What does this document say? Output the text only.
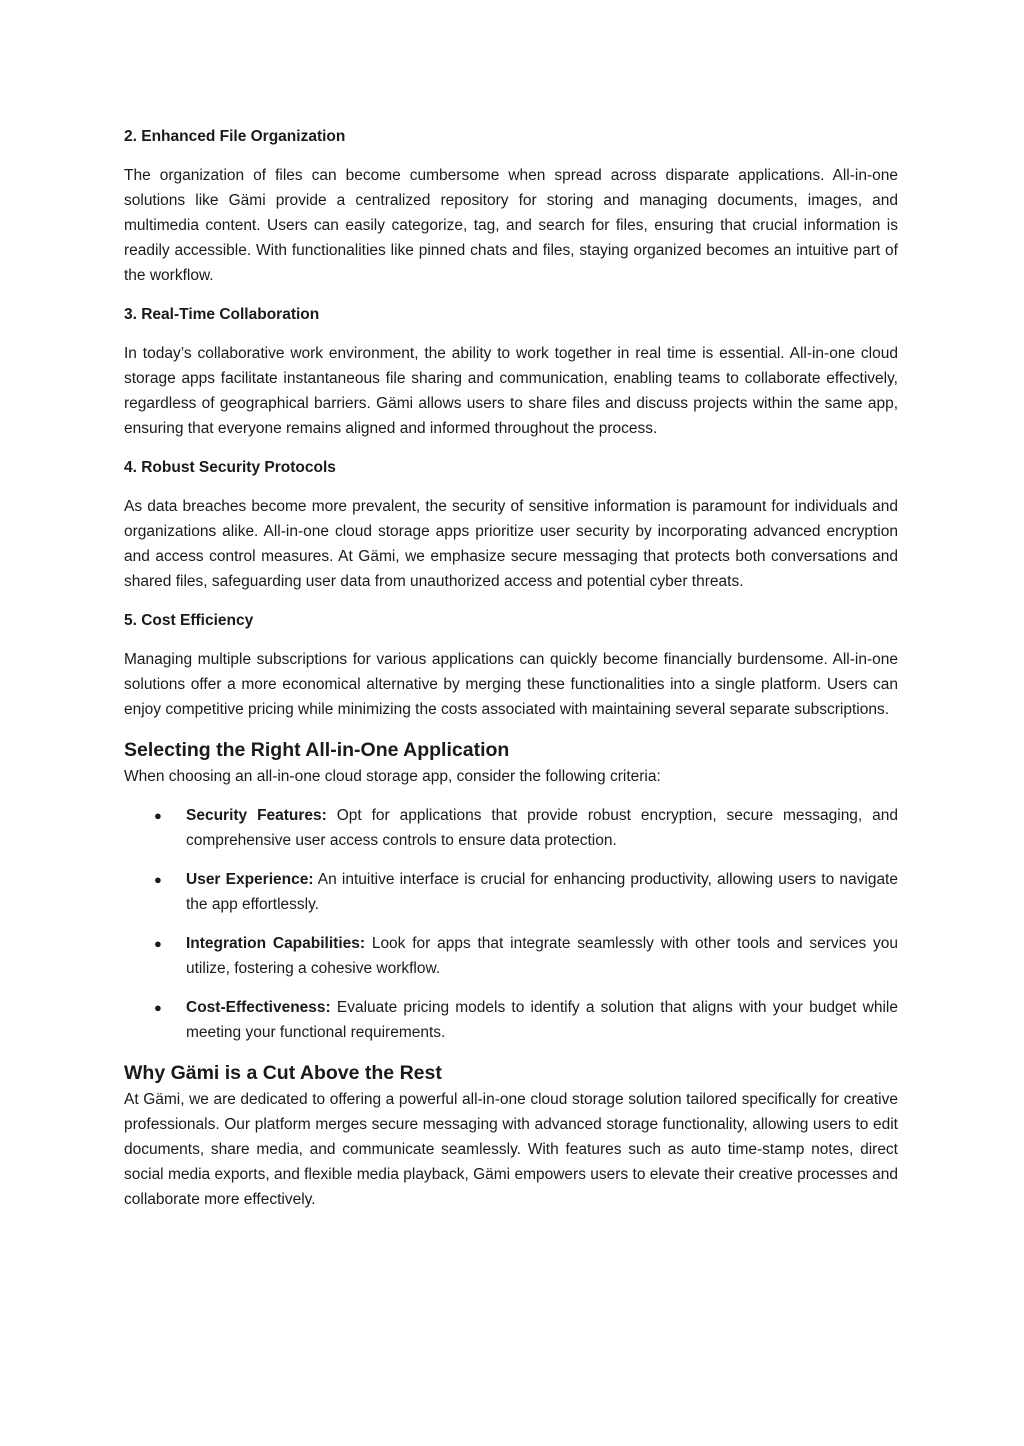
2. Enhanced File Organization

The organization of files can become cumbersome when spread across disparate applications. All-in-one solutions like Gämi provide a centralized repository for storing and managing documents, images, and multimedia content. Users can easily categorize, tag, and search for files, ensuring that crucial information is readily accessible. With functionalities like pinned chats and files, staying organized becomes an intuitive part of the workflow.

3. Real-Time Collaboration

In today’s collaborative work environment, the ability to work together in real time is essential. All-in-one cloud storage apps facilitate instantaneous file sharing and communication, enabling teams to collaborate effectively, regardless of geographical barriers. Gämi allows users to share files and discuss projects within the same app, ensuring that everyone remains aligned and informed throughout the process.

4. Robust Security Protocols

As data breaches become more prevalent, the security of sensitive information is paramount for individuals and organizations alike. All-in-one cloud storage apps prioritize user security by incorporating advanced encryption and access control measures. At Gämi, we emphasize secure messaging that protects both conversations and shared files, safeguarding user data from unauthorized access and potential cyber threats.

5. Cost Efficiency

Managing multiple subscriptions for various applications can quickly become financially burdensome. All-in-one solutions offer a more economical alternative by merging these functionalities into a single platform. Users can enjoy competitive pricing while minimizing the costs associated with maintaining several separate subscriptions.

Selecting the Right All-in-One Application

When choosing an all-in-one cloud storage app, consider the following criteria:

● Security Features: Opt for applications that provide robust encryption, secure messaging, and comprehensive user access controls to ensure data protection.
● User Experience: An intuitive interface is crucial for enhancing productivity, allowing users to navigate the app effortlessly.
● Integration Capabilities: Look for apps that integrate seamlessly with other tools and services you utilize, fostering a cohesive workflow.
● Cost-Effectiveness: Evaluate pricing models to identify a solution that aligns with your budget while meeting your functional requirements.
Why Gämi is a Cut Above the Rest

At Gämi, we are dedicated to offering a powerful all-in-one cloud storage solution tailored specifically for creative professionals. Our platform merges secure messaging with advanced storage functionality, allowing users to edit documents, share media, and communicate seamlessly. With features such as auto time-stamp notes, direct social media exports, and flexible media playback, Gämi empowers users to elevate their creative processes and collaborate more effectively.
